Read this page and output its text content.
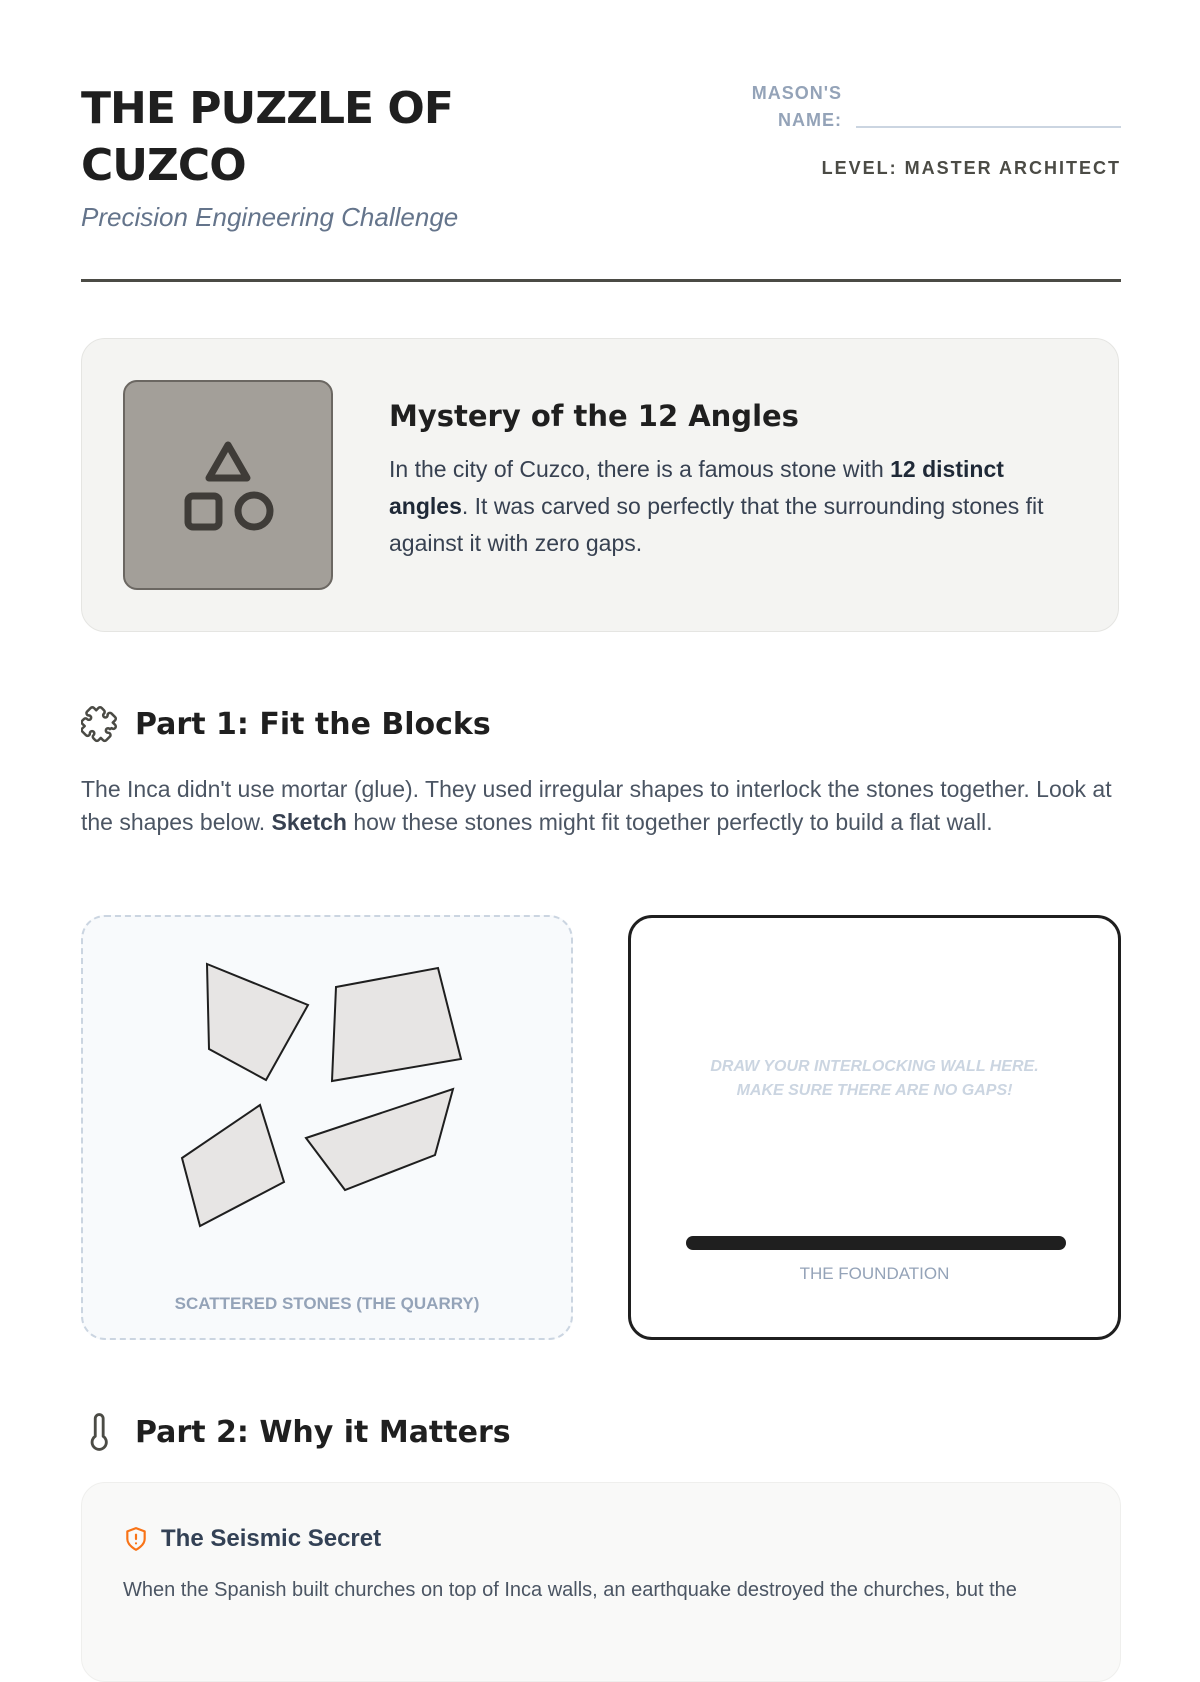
THE PUZZLE OF CUZCO
Precision Engineering Challenge
MASON'S NAME:
LEVEL: MASTER ARCHITECT
Mystery of the 12 Angles
In the city of Cuzco, there is a famous stone with 12 distinct angles. It was carved so perfectly that the surrounding stones fit against it with zero gaps.
Part 1: Fit the Blocks
The Inca didn't use mortar (glue). They used irregular shapes to interlock the stones together. Look at the shapes below. Sketch how these stones might fit together perfectly to build a flat wall.
SCATTERED STONES (THE QUARRY)
DRAW YOUR INTERLOCKING WALL HERE.
MAKE SURE THERE ARE NO GAPS!
THE FOUNDATION
Part 2: Why it Matters
The Seismic Secret
When the Spanish built churches on top of Inca walls, an earthquake destroyed the churches, but the
